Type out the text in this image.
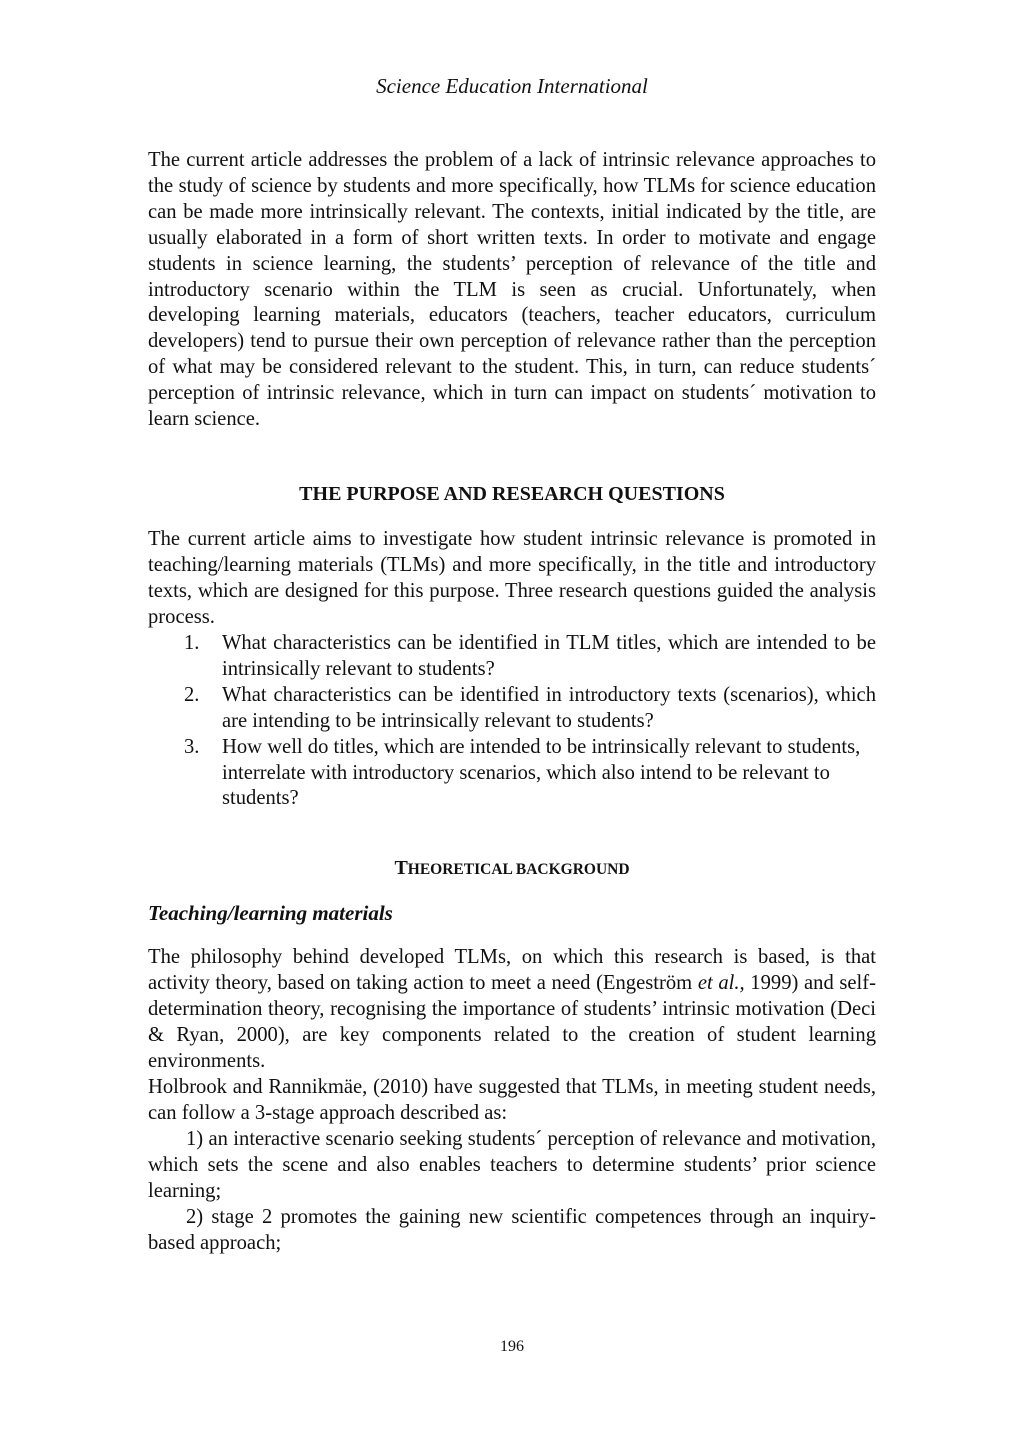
Science Education International

The current article addresses the problem of a lack of intrinsic relevance approaches to the study of science by students and more specifically, how TLMs for science education can be made more intrinsically relevant. The contexts, initial indicated by the title, are usually elaborated in a form of short written texts. In order to motivate and engage students in science learning, the students’ perception of relevance of the title and introductory scenario within the TLM is seen as crucial. Unfortunately, when developing learning materials, educators (teachers, teacher educators, curriculum developers) tend to pursue their own perception of relevance rather than the perception of what may be considered relevant to the student. This, in turn, can reduce students´ perception of intrinsic relevance, which in turn can impact on students´ motivation to learn science.

THE PURPOSE AND RESEARCH QUESTIONS

The current article aims to investigate how student intrinsic relevance is promoted in teaching/learning materials (TLMs) and more specifically, in the title and introductory texts, which are designed for this purpose. Three research questions guided the analysis process.

1. What characteristics can be identified in TLM titles, which are intended to be intrinsically relevant to students?
2. What characteristics can be identified in introductory texts (scenarios), which are intending to be intrinsically relevant to students?
3. How well do titles, which are intended to be intrinsically relevant to students, interrelate with introductory scenarios, which also intend to be relevant to students?
THEORETICAL BACKGROUND
Teaching/learning materials

The philosophy behind developed TLMs, on which this research is based, is that activity theory, based on taking action to meet a need (Engeström et al., 1999) and self- determination theory, recognising the importance of students’ intrinsic motivation (Deci & Ryan, 2000), are key components related to the creation of student learning environments.

Holbrook and Rannikmäe, (2010) have suggested that TLMs, in meeting student needs, can follow a 3-stage approach described as:

1) an interactive scenario seeking students´ perception of relevance and motivation, which sets the scene and also enables teachers to determine students’ prior science learning;

2) stage 2 promotes the gaining new scientific competences through an inquiry-based approach;

196
